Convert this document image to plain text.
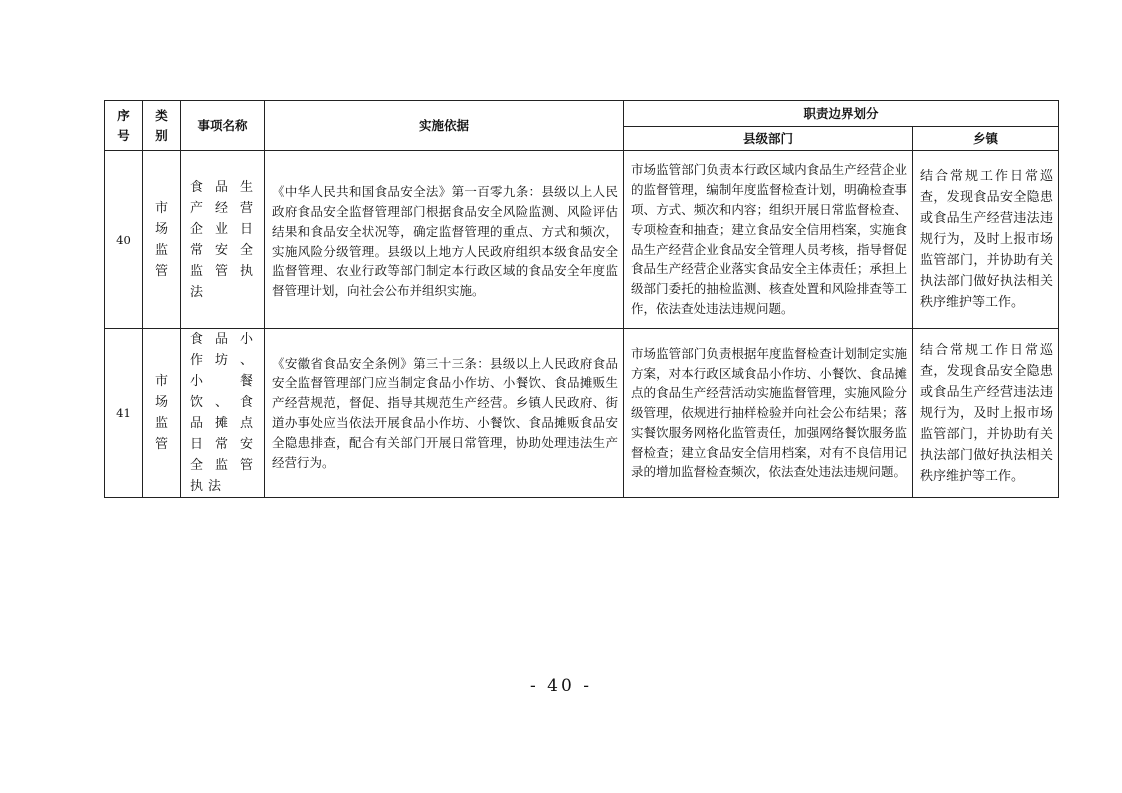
序号	类别	事项名称	实施依据	职责边界划分	
				县级部门	乡镇
40	市场监管	食品生产经营企业日常安全监管执法	《中华人民共和国食品安全法》第一百零九条：县级以上人民政府食品安全监督管理部门根据食品安全风险监测、风险评估结果和食品安全状况等，确定监督管理的重点、方式和频次，实施风险分级管理。县级以上地方人民政府组织本级食品安全监督管理、农业行政等部门制定本行政区域的食品安全年度监督管理计划，向社会公布并组织实施。	市场监管部门负责本行政区域内食品生产经营企业的监督管理，编制年度监督检查计划，明确检查事项、方式、频次和内容；组织开展日常监督检查、专项检查和抽查；建立食品安全信用档案，实施食品生产经营企业食品安全管理人员考核，指导督促食品生产经营企业落实食品安全主体责任；承担上级部门委托的抽检监测、核查处置和风险排查等工作，依法查处违法违规问题。	结合常规工作日常巡查，发现食品安全隐患或食品生产经营违法违规行为，及时上报市场监管部门，并协助有关执法部门做好执法相关秩序维护等工作。
41	市场监管	食品小作坊、小餐饮、食品摊点日常安全监管执法	《安徽省食品安全条例》第三十三条：县级以上人民政府食品安全监督管理部门应当制定食品小作坊、小餐饮、食品摊贩生产经营规范，督促、指导其规范生产经营。乡镇人民政府、街道办事处应当依法开展食品小作坊、小餐饮、食品摊贩食品安全隐患排查，配合有关部门开展日常管理，协助处理违法生产经营行为。	市场监管部门负责根据年度监督检查计划制定实施方案，对本行政区域食品小作坊、小餐饮、食品摊点的食品生产经营活动实施监督管理，实施风险分级管理，依规进行抽样检验并向社会公布结果；落实餐饮服务网格化监管责任，加强网络餐饮服务监督检查；建立食品安全信用档案，对有不良信用记录的增加监督检查频次，依法查处违法违规问题。	结合常规工作日常巡查，发现食品安全隐患或食品生产经营违法违规行为，及时上报市场监管部门，并协助有关执法部门做好执法相关秩序维护等工作。
- 40 -
